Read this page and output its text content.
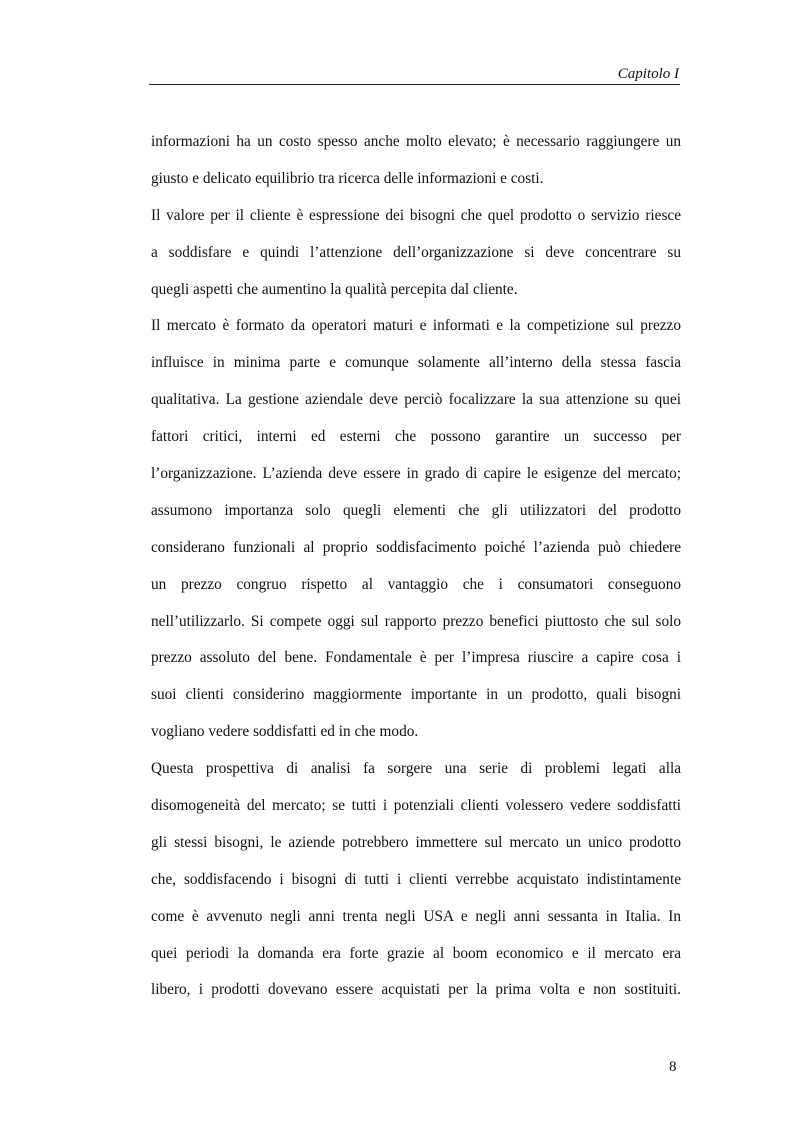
Capitolo I
informazioni ha un costo spesso anche molto elevato; è necessario raggiungere un
giusto e delicato equilibrio tra ricerca delle informazioni e costi.
Il valore per il cliente è espressione dei bisogni che quel prodotto o servizio riesce
a soddisfare e quindi l’attenzione dell’organizzazione si deve concentrare su
quegli aspetti che aumentino la qualità percepita dal cliente.
Il mercato è formato da operatori maturi e informati e la competizione sul prezzo
influisce in minima parte e comunque solamente all’interno della stessa fascia
qualitativa. La gestione aziendale deve perciò focalizzare la sua attenzione su quei
fattori critici, interni ed esterni che possono garantire un successo per
l’organizzazione. L’azienda deve essere in grado di capire le esigenze del mercato;
assumono importanza solo quegli elementi che gli utilizzatori del prodotto
considerano funzionali al proprio soddisfacimento poiché l’azienda può chiedere
un prezzo congruo rispetto al vantaggio che i consumatori conseguono
nell’utilizzarlo. Si compete oggi sul rapporto prezzo benefici piuttosto che sul solo
prezzo assoluto del bene. Fondamentale è per l’impresa riuscire a capire cosa i
suoi clienti considerino maggiormente importante in un prodotto, quali bisogni
vogliano vedere soddisfatti ed in che modo.
Questa prospettiva di analisi fa sorgere una serie di problemi legati alla
disomogeneità del mercato; se tutti i potenziali clienti volessero vedere soddisfatti
gli stessi bisogni, le aziende potrebbero immettere sul mercato un unico prodotto
che, soddisfacendo i bisogni di tutti i clienti verrebbe acquistato indistintamente
come è avvenuto negli anni trenta negli USA e negli anni sessanta in Italia. In
quei periodi la domanda era forte grazie al boom economico e il mercato era
libero, i prodotti dovevano essere acquistati per la prima volta e non sostituiti.
8
